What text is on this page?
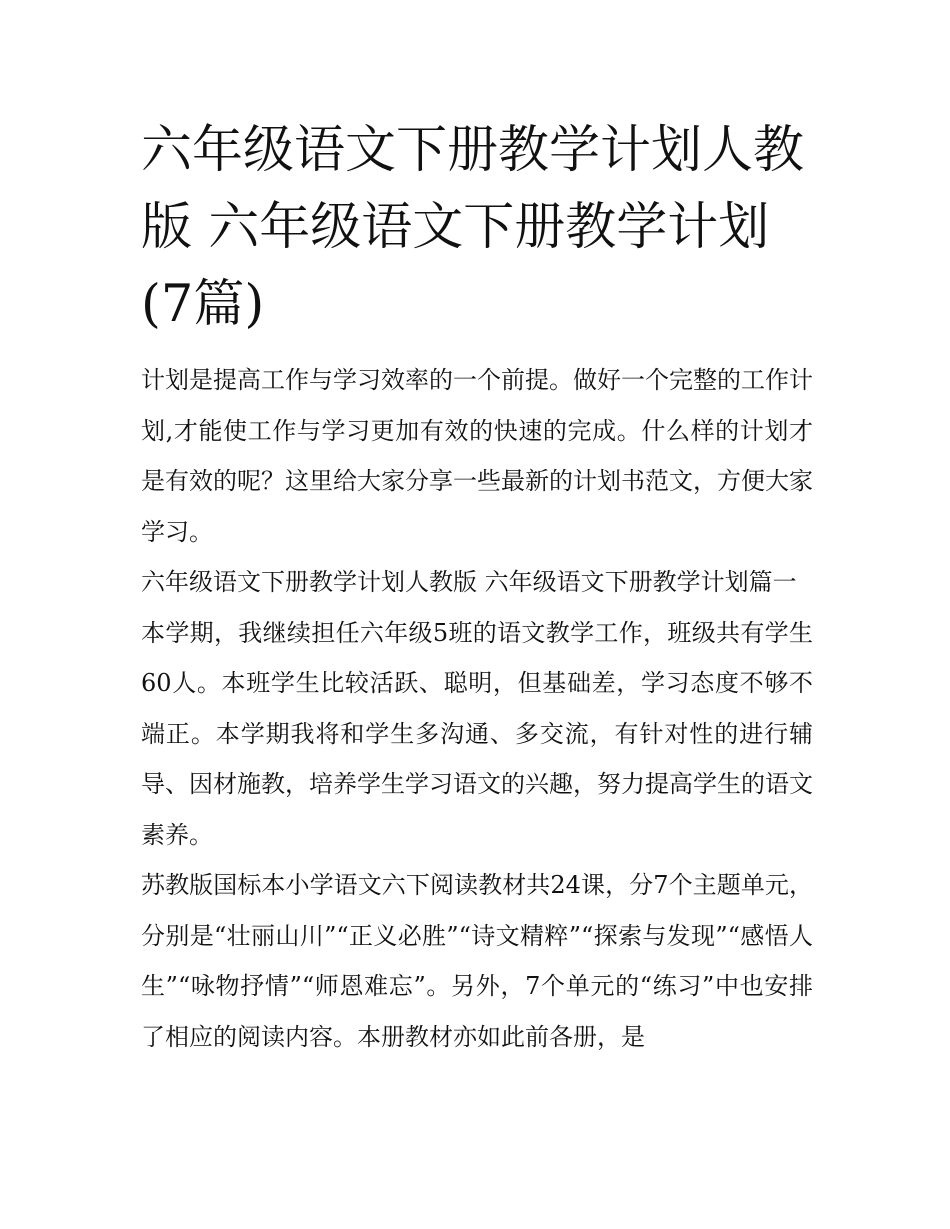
六年级语文下册教学计划人教版 六年级语文下册教学计划(7篇)

计划是提高工作与学习效率的一个前提。做好一个完整的工作计划,才能使工作与学习更加有效的快速的完成。什么样的计划才是有效的呢？这里给大家分享一些最新的计划书范文，方便大家学习。

六年级语文下册教学计划人教版 六年级语文下册教学计划篇一

本学期，我继续担任六年级5班的语文教学工作，班级共有学生60人。本班学生比较活跃、聪明，但基础差，学习态度不够不端正。本学期我将和学生多沟通、多交流，有针对性的进行辅导、因材施教，培养学生学习语文的兴趣，努力提高学生的语文素养。

苏教版国标本小学语文六下阅读教材共24课，分7个主题单元，分别是“壮丽山川”“正义必胜”“诗文精粹”“探索与发现”“感悟人生”“咏物抒情”“师恩难忘”。另外，7个单元的“练习”中也安排了相应的阅读内容。本册教材亦如此前各册，是
